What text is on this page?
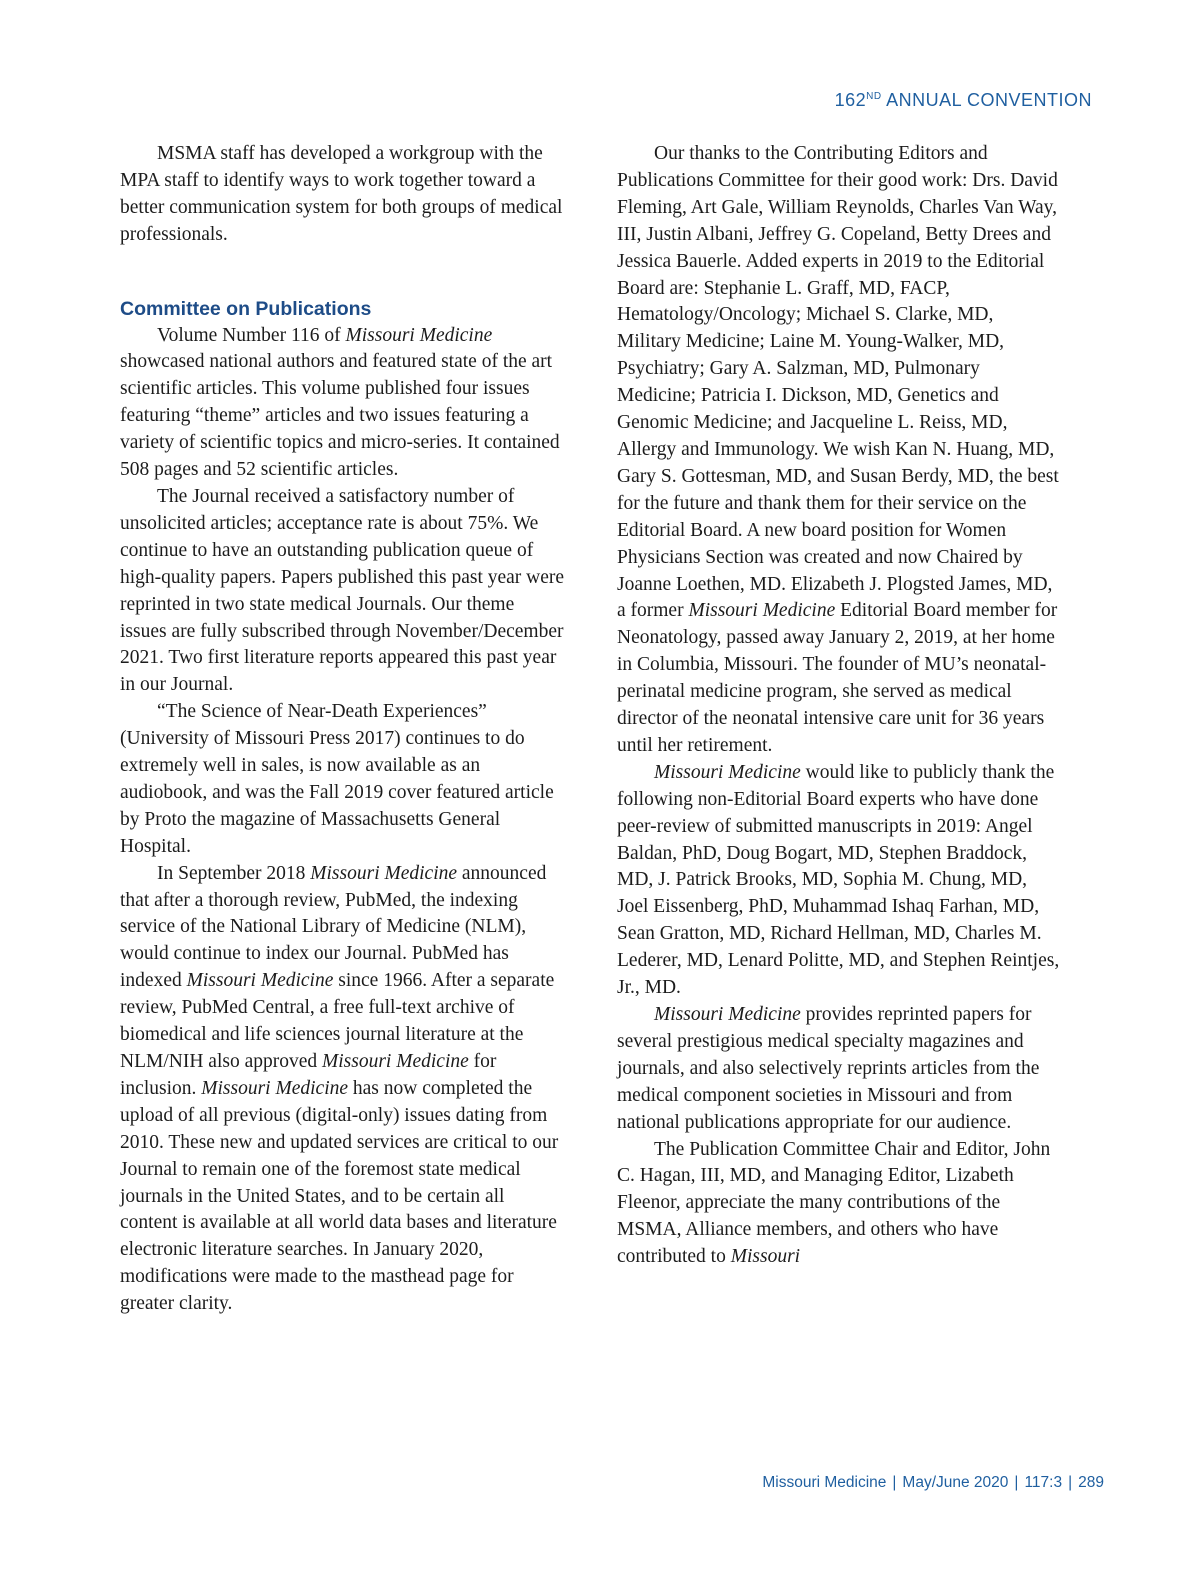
162ND ANNUAL CONVENTION

MSMA staff has developed a workgroup with the MPA staff to identify ways to work together toward a better communication system for both groups of medical professionals.

Committee on Publications

Volume Number 116 of Missouri Medicine showcased national authors and featured state of the art scientific articles. This volume published four issues featuring “theme” articles and two issues featuring a variety of scientific topics and micro-series. It contained 508 pages and 52 scientific articles.

The Journal received a satisfactory number of unsolicited articles; acceptance rate is about 75%. We continue to have an outstanding publication queue of high-quality papers. Papers published this past year were reprinted in two state medical Journals. Our theme issues are fully subscribed through November/December 2021. Two first literature reports appeared this past year in our Journal.

“The Science of Near-Death Experiences” (University of Missouri Press 2017) continues to do extremely well in sales, is now available as an audiobook, and was the Fall 2019 cover featured article by Proto the magazine of Massachusetts General Hospital.

In September 2018 Missouri Medicine announced that after a thorough review, PubMed, the indexing service of the National Library of Medicine (NLM), would continue to index our Journal. PubMed has indexed Missouri Medicine since 1966. After a separate review, PubMed Central, a free full-text archive of biomedical and life sciences journal literature at the NLM/NIH also approved Missouri Medicine for inclusion. Missouri Medicine has now completed the upload of all previous (digital-only) issues dating from 2010. These new and updated services are critical to our Journal to remain one of the foremost state medical journals in the United States, and to be certain all content is available at all world data bases and literature electronic literature searches. In January 2020, modifications were made to the masthead page for greater clarity.

Our thanks to the Contributing Editors and Publications Committee for their good work: Drs. David Fleming, Art Gale, William Reynolds, Charles Van Way, III, Justin Albani, Jeffrey G. Copeland, Betty Drees and Jessica Bauerle. Added experts in 2019 to the Editorial Board are: Stephanie L. Graff, MD, FACP, Hematology/Oncology; Michael S. Clarke, MD, Military Medicine; Laine M. Young-Walker, MD, Psychiatry; Gary A. Salzman, MD, Pulmonary Medicine; Patricia I. Dickson, MD, Genetics and Genomic Medicine; and Jacqueline L. Reiss, MD, Allergy and Immunology. We wish Kan N. Huang, MD, Gary S. Gottesman, MD, and Susan Berdy, MD, the best for the future and thank them for their service on the Editorial Board. A new board position for Women Physicians Section was created and now Chaired by Joanne Loethen, MD. Elizabeth J. Plogsted James, MD, a former Missouri Medicine Editorial Board member for Neonatology, passed away January 2, 2019, at her home in Columbia, Missouri. The founder of MU’s neonatal-perinatal medicine program, she served as medical director of the neonatal intensive care unit for 36 years until her retirement.

Missouri Medicine would like to publicly thank the following non-Editorial Board experts who have done peer-review of submitted manuscripts in 2019: Angel Baldan, PhD, Doug Bogart, MD, Stephen Braddock, MD, J. Patrick Brooks, MD, Sophia M. Chung, MD, Joel Eissenberg, PhD, Muhammad Ishaq Farhan, MD, Sean Gratton, MD, Richard Hellman, MD, Charles M. Lederer, MD, Lenard Politte, MD, and Stephen Reintjes, Jr., MD.

Missouri Medicine provides reprinted papers for several prestigious medical specialty magazines and journals, and also selectively reprints articles from the medical component societies in Missouri and from national publications appropriate for our audience.

The Publication Committee Chair and Editor, John C. Hagan, III, MD, and Managing Editor, Lizabeth Fleenor, appreciate the many contributions of the MSMA, Alliance members, and others who have contributed to Missouri

Missouri Medicine | May/June 2020 | 117:3 | 289
